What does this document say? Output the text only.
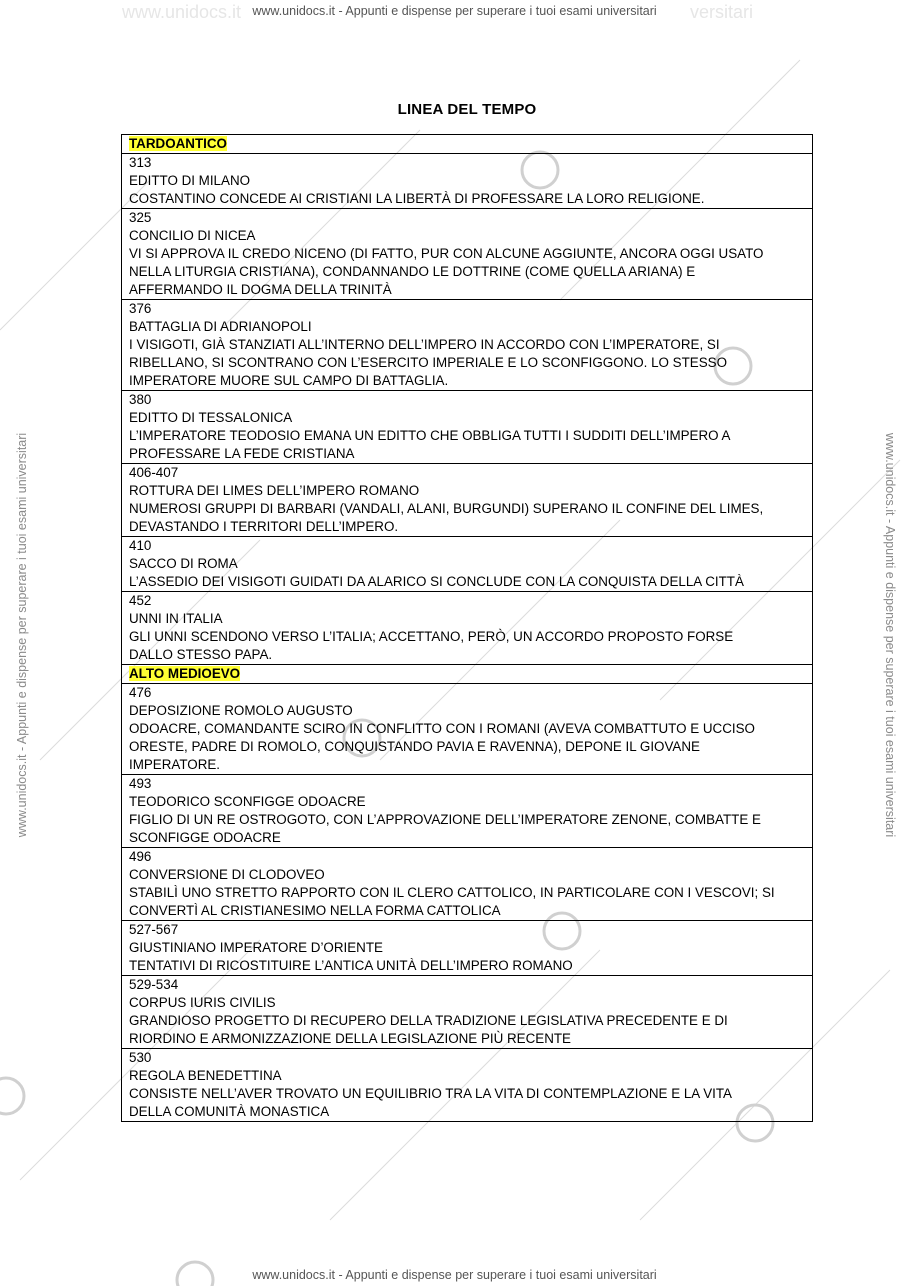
www.unidocs.it	versitari
www.unidocs.it - Appunti e dispense per superare i tuoi esami universitari
www.unidocs.it - Appunti e dispense per superare i tuoi esami universitari
www.unidocs.it - Appunti e dispense per superare i tuoi esami universitari	www.unidocs.it - Appunti e dispense per superare i tuoi esami universitari
LINEA DEL TEMPO
TARDOANTICO

313
EDITTO DI MILANO
COSTANTINO CONCEDE AI CRISTIANI LA LIBERTÀ DI PROFESSARE LA LORO RELIGIONE.

325
CONCILIO DI NICEA
VI SI APPROVA IL CREDO NICENO (DI FATTO, PUR CON ALCUNE AGGIUNTE, ANCORA OGGI USATO
NELLA LITURGIA CRISTIANA), CONDANNANDO LE DOTTRINE (COME QUELLA ARIANA) E
AFFERMANDO IL DOGMA DELLA TRINITÀ

376
BATTAGLIA DI ADRIANOPOLI
I VISIGOTI, GIÀ STANZIATI ALL’INTERNO DELL’IMPERO IN ACCORDO CON L’IMPERATORE, SI
RIBELLANO, SI SCONTRANO CON L’ESERCITO IMPERIALE E LO SCONFIGGONO. LO STESSO
IMPERATORE MUORE SUL CAMPO DI BATTAGLIA.

380
EDITTO DI TESSALONICA
L’IMPERATORE TEODOSIO EMANA UN EDITTO CHE OBBLIGA TUTTI I SUDDITI DELL’IMPERO A
PROFESSARE LA FEDE CRISTIANA

406-407
ROTTURA DEI LIMES DELL’IMPERO ROMANO
NUMEROSI GRUPPI DI BARBARI (VANDALI, ALANI, BURGUNDI) SUPERANO IL CONFINE DEL LIMES,
DEVASTANDO I TERRITORI DELL’IMPERO.

410
SACCO DI ROMA
L’ASSEDIO DEI VISIGOTI GUIDATI DA ALARICO SI CONCLUDE CON LA CONQUISTA DELLA CITTÀ

452
UNNI IN ITALIA
GLI UNNI SCENDONO VERSO L’ITALIA; ACCETTANO, PERÒ, UN ACCORDO PROPOSTO FORSE
DALLO STESSO PAPA.

ALTO MEDIOEVO

476
DEPOSIZIONE ROMOLO AUGUSTO
ODOACRE, COMANDANTE SCIRO IN CONFLITTO CON I ROMANI (AVEVA COMBATTUTO E UCCISO
ORESTE, PADRE DI ROMOLO, CONQUISTANDO PAVIA E RAVENNA), DEPONE IL GIOVANE
IMPERATORE.

493
TEODORICO SCONFIGGE ODOACRE
FIGLIO DI UN RE OSTROGOTO, CON L’APPROVAZIONE DELL’IMPERATORE ZENONE, COMBATTE E
SCONFIGGE ODOACRE

496
CONVERSIONE DI CLODOVEO
STABILÌ UNO STRETTO RAPPORTO CON IL CLERO CATTOLICO, IN PARTICOLARE CON I VESCOVI; SI
CONVERTÌ AL CRISTIANESIMO NELLA FORMA CATTOLICA

527-567
GIUSTINIANO IMPERATORE D’ORIENTE
TENTATIVI DI RICOSTITUIRE L’ANTICA UNITÀ DELL’IMPERO ROMANO

529-534
CORPUS IURIS CIVILIS
GRANDIOSO PROGETTO DI RECUPERO DELLA TRADIZIONE LEGISLATIVA PRECEDENTE E DI
RIORDINO E ARMONIZZAZIONE DELLA LEGISLAZIONE PIÙ RECENTE

530
REGOLA BENEDETTINA
CONSISTE NELL’AVER TROVATO UN EQUILIBRIO TRA LA VITA DI CONTEMPLAZIONE E LA VITA
DELLA COMUNITÀ MONASTICA
